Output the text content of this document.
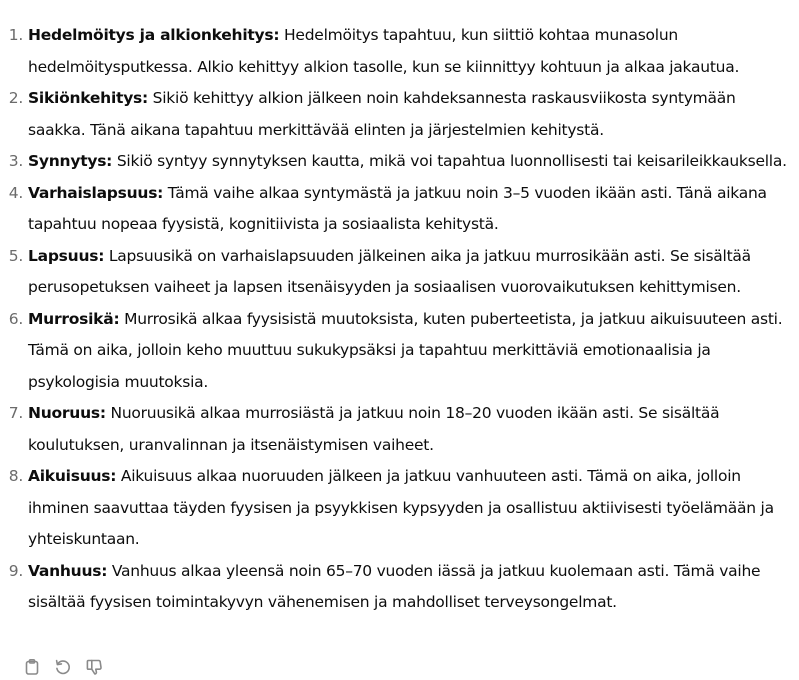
1. Hedelmöitys ja alkionkehitys: Hedelmöitys tapahtuu, kun siittiö kohtaa munasolun hedelmöitysputkessa. Alkio kehittyy alkion tasolle, kun se kiinnittyy kohtuun ja alkaa jakautua.
2. Sikiönkehitys: Sikiö kehittyy alkion jälkeen noin kahdeksannesta raskausviikosta syntymään saakka. Tänä aikana tapahtuu merkittävää elinten ja järjestelmien kehitystä.
3. Synnytys: Sikiö syntyy synnytyksen kautta, mikä voi tapahtua luonnollisesti tai keisarileikkauksella.
4. Varhaislapsuus: Tämä vaihe alkaa syntymästä ja jatkuu noin 3–5 vuoden ikään asti. Tänä aikana tapahtuu nopeaa fyysistä, kognitiivista ja sosiaalista kehitystä.
5. Lapsuus: Lapsuusikä on varhaislapsuuden jälkeinen aika ja jatkuu murrosikään asti. Se sisältää perusopetuksen vaiheet ja lapsen itsenäisyyden ja sosiaalisen vuorovaikutuksen kehittymisen.
6. Murrosikä: Murrosikä alkaa fyysisistä muutoksista, kuten puberteetista, ja jatkuu aikuisuuteen asti. Tämä on aika, jolloin keho muuttuu sukukypsäksi ja tapahtuu merkittäviä emotionaalisia ja psykologisia muutoksia.
7. Nuoruus: Nuoruusikä alkaa murrosiästä ja jatkuu noin 18–20 vuoden ikään asti. Se sisältää koulutuksen, uranvalinnan ja itsenäistymisen vaiheet.
8. Aikuisuus: Aikuisuus alkaa nuoruuden jälkeen ja jatkuu vanhuuteen asti. Tämä on aika, jolloin ihminen saavuttaa täyden fyysisen ja psyykkisen kypsyyden ja osallistuu aktiivisesti työelämään ja yhteiskuntaan.
9. Vanhuus: Vanhuus alkaa yleensä noin 65–70 vuoden iässä ja jatkuu kuolemaan asti. Tämä vaihe sisältää fyysisen toimintakyvyn vähenemisen ja mahdolliset terveysongelmat.
